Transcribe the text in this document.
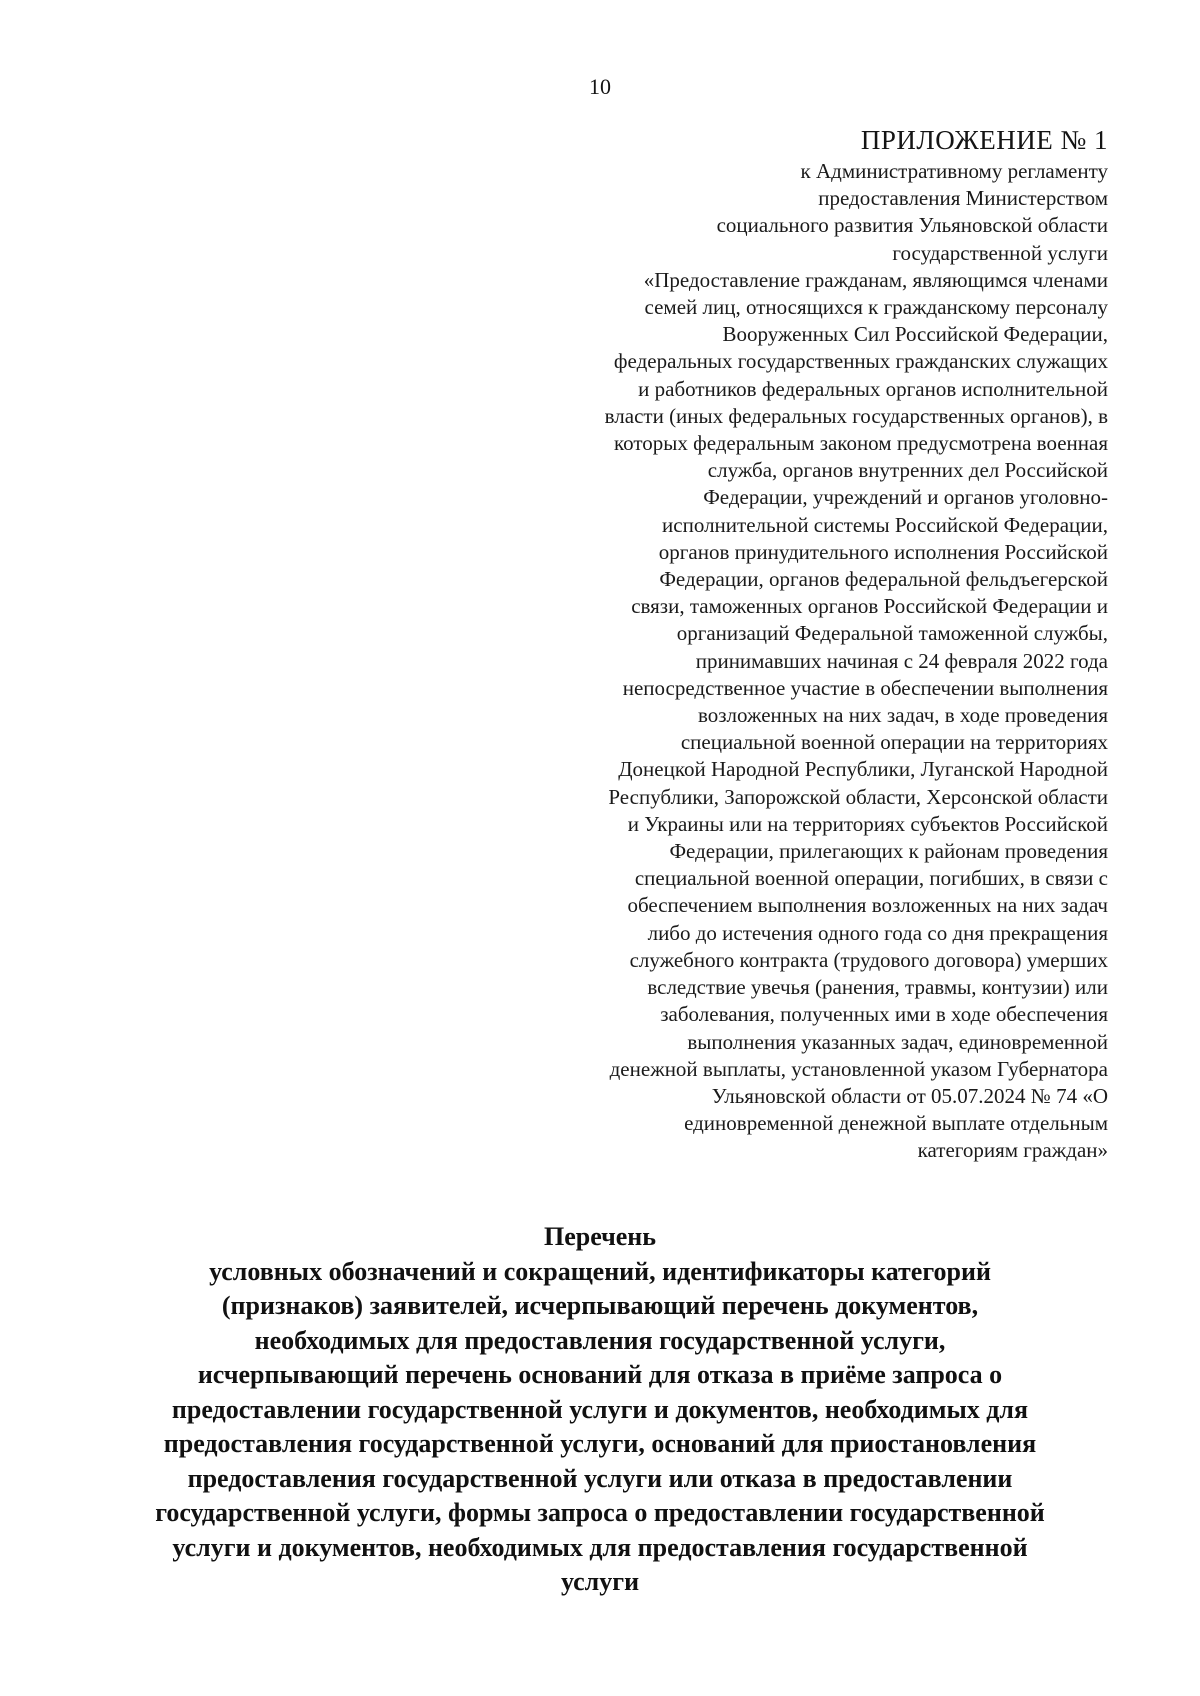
10
ПРИЛОЖЕНИЕ № 1
к Административному регламенту
предоставления Министерством
социального развития Ульяновской области
государственной услуги
«Предоставление гражданам, являющимся членами
семей лиц, относящихся к гражданскому персоналу
Вооруженных Сил Российской Федерации,
федеральных государственных гражданских служащих
и работников федеральных органов исполнительной
власти (иных федеральных государственных органов), в
которых федеральным законом предусмотрена военная
служба, органов внутренних дел Российской
Федерации, учреждений и органов уголовно-
исполнительной системы Российской Федерации,
органов принудительного исполнения Российской
Федерации, органов федеральной фельдъегерской
связи, таможенных органов Российской Федерации и
организаций Федеральной таможенной службы,
принимавших начиная с 24 февраля 2022 года
непосредственное участие в обеспечении выполнения
возложенных на них задач, в ходе проведения
специальной военной операции на территориях
Донецкой Народной Республики, Луганской Народной
Республики, Запорожской области, Херсонской области
и Украины или на территориях субъектов Российской
Федерации, прилегающих к районам проведения
специальной военной операции, погибших, в связи с
обеспечением выполнения возложенных на них задач
либо до истечения одного года со дня прекращения
служебного контракта (трудового договора) умерших
вследствие увечья (ранения, травмы, контузии) или
заболевания, полученных ими в ходе обеспечения
выполнения указанных задач, единовременной
денежной выплаты, установленной указом Губернатора
Ульяновской области от 05.07.2024 № 74 «О
единовременной денежной выплате отдельным
категориям граждан»
Перечень
условных обозначений и сокращений, идентификаторы категорий
(признаков) заявителей, исчерпывающий перечень документов,
необходимых для предоставления государственной услуги,
исчерпывающий перечень оснований для отказа в приёме запроса о
предоставлении государственной услуги и документов, необходимых для
предоставления государственной услуги, оснований для приостановления
предоставления государственной услуги или отказа в предоставлении
государственной услуги, формы запроса о предоставлении государственной
услуги и документов, необходимых для предоставления государственной
услуги
